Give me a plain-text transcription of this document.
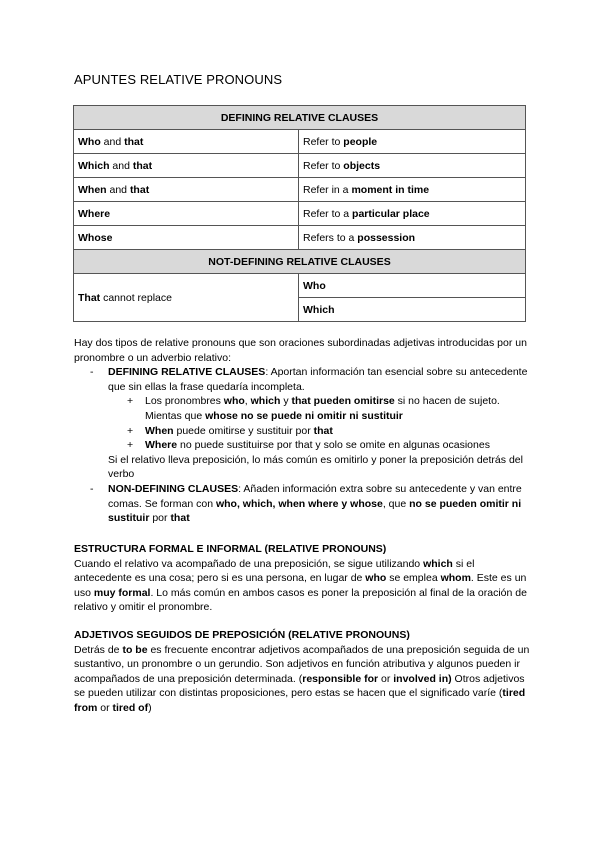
APUNTES RELATIVE PRONOUNS
DEFINING RELATIVE CLAUSES	
Who and that	Refer to people
Which and that	Refer to objects
When and that	Refer in a moment in time
Where	Refer to a particular place
Whose	Refers to a possession
NOT-DEFINING RELATIVE CLAUSES	
That cannot replace	Who
	Which
Hay dos tipos de relative pronouns que son oraciones subordinadas adjetivas introducidas por un pronombre o un adverbio relativo:
- DEFINING RELATIVE CLAUSES: Aportan información tan esencial sobre su antecedente que sin ellas la frase quedaría incompleta.
+ Los pronombres who, which y that pueden omitirse si no hacen de sujeto. Mientas que whose no se puede ni omitir ni sustituir
+ When puede omitirse y sustituir por that
+ Where no puede sustituirse por that y solo se omite en algunas ocasiones
Si el relativo lleva preposición, lo más común es omitirlo y poner la preposición detrás del verbo
- NON-DEFINING CLAUSES: Añaden información extra sobre su antecedente y van entre comas. Se forman con who, which, when where y whose, que no se pueden omitir ni sustituir por that
ESTRUCTURA FORMAL E INFORMAL (RELATIVE PRONOUNS)
Cuando el relativo va acompañado de una preposición, se sigue utilizando which si el antecedente es una cosa; pero si es una persona, en lugar de who se emplea whom. Este es un uso muy formal. Lo más común en ambos casos es poner la preposición al final de la oración de relativo y omitir el pronombre.
ADJETIVOS SEGUIDOS DE PREPOSICIÓN (RELATIVE PRONOUNS)
Detrás de to be es frecuente encontrar adjetivos acompañados de una preposición seguida de un sustantivo, un pronombre o un gerundio. Son adjetivos en función atributiva y algunos pueden ir acompañados de una preposición determinada. (responsible for or involved in) Otros adjetivos se pueden utilizar con distintas proposiciones, pero estas se hacen que el significado varíe (tired from or tired of)
